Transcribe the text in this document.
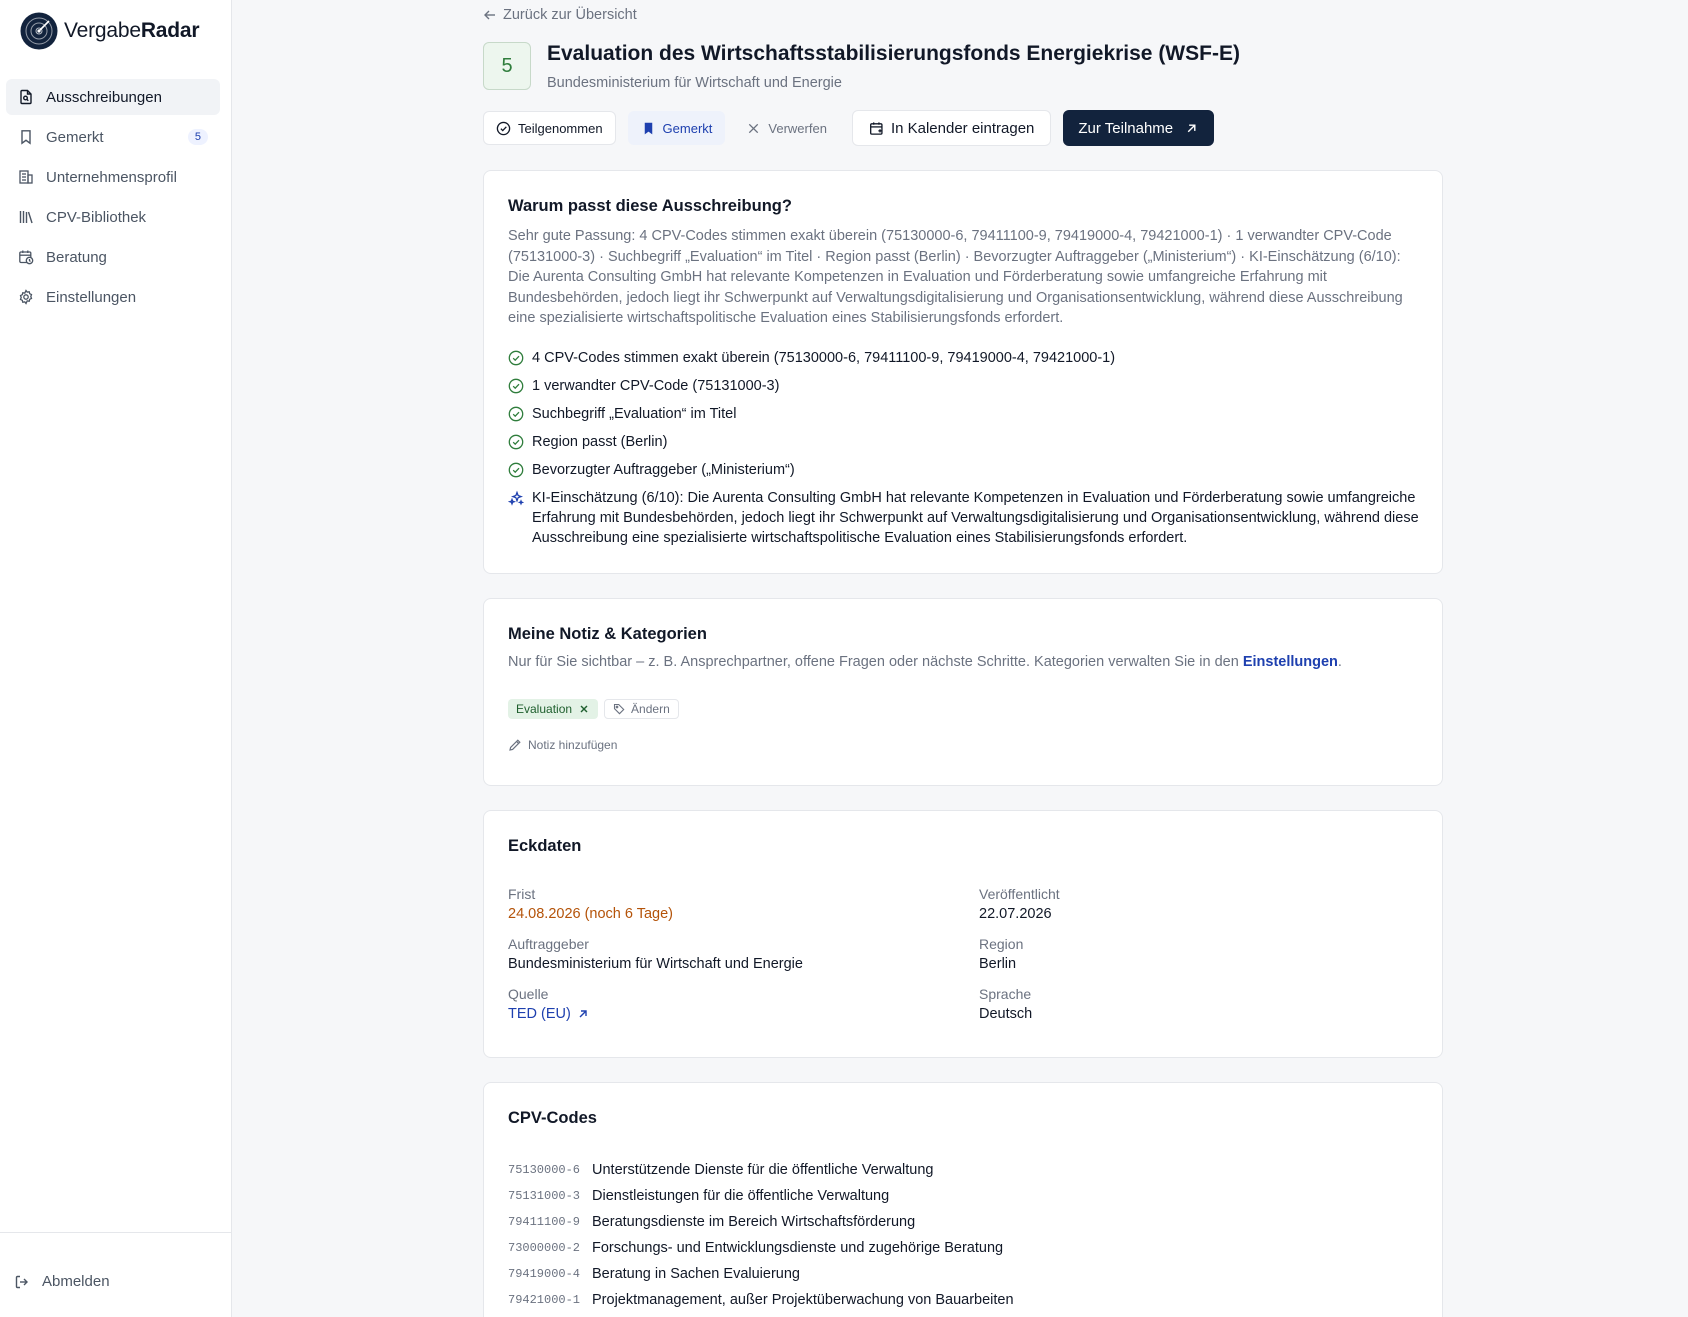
VergabeRadar
Ausschreibungen
Gemerkt	5
Unternehmensprofil
CPV-Bibliothek
Beratung
Einstellungen
Abmelden
Zurück zur Übersicht
5
Evaluation des Wirtschaftsstabilisierungsfonds Energiekrise (WSF-E)
Bundesministerium für Wirtschaft und Energie
Teilgenommen	Gemerkt	Verwerfen	In Kalender eintragen	Zur Teilnahme
Warum passt diese Ausschreibung?

Sehr gute Passung: 4 CPV-Codes stimmen exakt überein (75130000-6, 79411100-9, 79419000-4, 79421000-1) · 1 verwandter CPV-Code (75131000-3) · Suchbegriff „Evaluation“ im Titel · Region passt (Berlin) · Bevorzugter Auftraggeber („Ministerium“) · KI-Einschätzung (6/10): Die Aurenta Consulting GmbH hat relevante Kompetenzen in Evaluation und Förderberatung sowie umfangreiche Erfahrung mit Bundesbehörden, jedoch liegt ihr Schwerpunkt auf Verwaltungsdigitalisierung und Organisationsentwicklung, während diese Ausschreibung eine spezialisierte wirtschaftspolitische Evaluation eines Stabilisierungsfonds erfordert.

4 CPV-Codes stimmen exakt überein (75130000-6, 79411100-9, 79419000-4, 79421000-1)
1 verwandter CPV-Code (75131000-3)
Suchbegriff „Evaluation“ im Titel
Region passt (Berlin)
Bevorzugter Auftraggeber („Ministerium“)
KI-Einschätzung (6/10): Die Aurenta Consulting GmbH hat relevante Kompetenzen in Evaluation und Förderberatung sowie umfangreiche Erfahrung mit Bundesbehörden, jedoch liegt ihr Schwerpunkt auf Verwaltungsdigitalisierung und Organisationsentwicklung, während diese Ausschreibung eine spezialisierte wirtschaftspolitische Evaluation eines Stabilisierungsfonds erfordert.
Meine Notiz & Kategorien

Nur für Sie sichtbar – z. B. Ansprechpartner, offene Fragen oder nächste Schritte. Kategorien verwalten Sie in den Einstellungen.

Evaluation	Ändern
Notiz hinzufügen
Eckdaten
Frist
24.08.2026 (noch 6 Tage)
Veröffentlicht
22.07.2026
Auftraggeber
Bundesministerium für Wirtschaft und Energie
Region
Berlin
Quelle
TED (EU)
Sprache
Deutsch
CPV-Codes
75130000-6 Unterstützende Dienste für die öffentliche Verwaltung
75131000-3 Dienstleistungen für die öffentliche Verwaltung
79411100-9 Beratungsdienste im Bereich Wirtschaftsförderung
73000000-2 Forschungs- und Entwicklungsdienste und zugehörige Beratung
79419000-4 Beratung in Sachen Evaluierung
79421000-1 Projektmanagement, außer Projektüberwachung von Bauarbeiten
